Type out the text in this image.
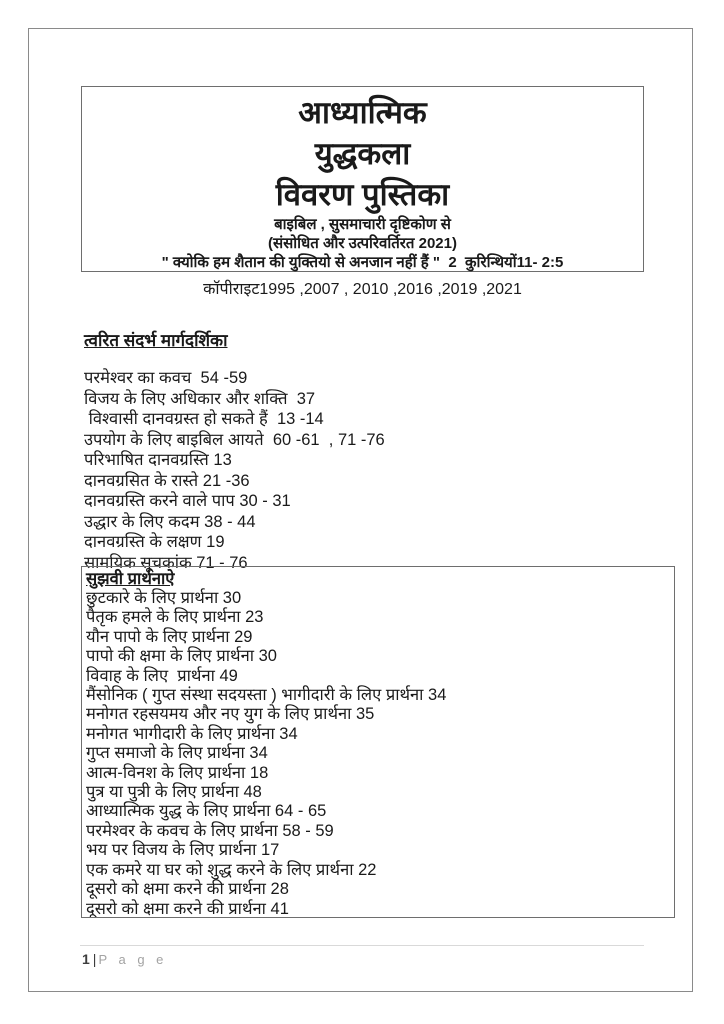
आध्यात्मिक
युद्धकला
विवरण पुस्तिका
बाइबिल , सुसमाचारी दृष्टिकोण से
(संसोधित और उत्परिवर्तिरत 2021)
" क्योकि हम शैतान की युक्तियो से अनजान नहीं हैं "  2  कुरिन्थियों11- 2:5
कॉपीराइट1995 ,2007 , 2010 ,2016 ,2019 ,2021
त्वरित संदर्भ मार्गदर्शिका
परमेश्वर का कवच  54 -59
विजय के लिए अधिकार और शक्ति  37
विश्वासी दानवग्रस्त हो सकते हैं  13 -14
उपयोग के लिए बाइबिल आयते  60 -61  , 71 -76
परिभाषित दानवग्रस्ति 13
दानवग्रसित के रास्ते 21 -36
दानवग्रस्ति करने वाले पाप 30 - 31
उद्धार के लिए कदम 38 - 44
दानवग्रस्ति के लक्षण 19
सामयिक सूचकांक 71 - 76
सुझवी प्रार्थनाऐ
छुटकारे के लिए प्रार्थना 30
पैतृक हमले के लिए प्रार्थना 23
यौन पापो के लिए प्रार्थना 29
पापो की क्षमा के लिए प्रार्थना 30
विवाह के लिए  प्रार्थना 49
मैंसोनिक ( गुप्त संस्था सदयस्ता ) भागीदारी के लिए प्रार्थना 34
मनोगत रहसयमय और नए युग के लिए प्रार्थना 35
मनोगत भागीदारी के लिए प्रार्थना 34
गुप्त समाजो के लिए प्रार्थना 34
आत्म-विनश के लिए प्रार्थना 18
पुत्र या पुत्री के लिए प्रार्थना 48
आध्यात्मिक युद्ध के लिए प्रार्थना 64 - 65
परमेश्वर के कवच के लिए प्रार्थना 58 - 59
भय पर विजय के लिए प्रार्थना 17
एक कमरे या घर को शुद्ध करने के लिए प्रार्थना 22
दूसरो को क्षमा करने की प्रार्थना 28
दूसरो को क्षमा करने की प्रार्थना 41
1 | P a g e
